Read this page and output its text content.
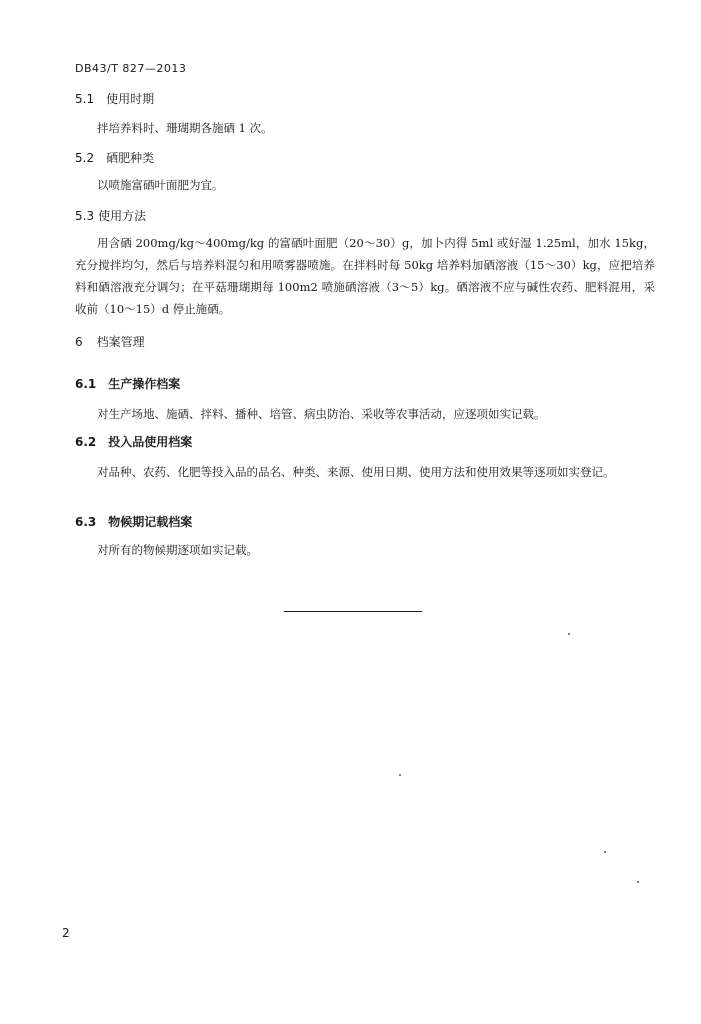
DB43/T 827—2013
5.1 使用时期
拌培养料时、珊瑚期各施硒 1 次。
5.2 硒肥种类
以喷施富硒叶面肥为宜。
5.3 使用方法
用含硒 200mg/kg～400mg/kg 的富硒叶面肥（20～30）g，加卜内得 5ml 或好湿 1.25ml，加水 15kg，充分搅拌均匀，然后与培养料混匀和用喷雾器喷施。在拌料时每 50kg 培养料加硒溶液（15～30）kg，应把培养料和硒溶液充分调匀；在平菇珊瑚期每 100m2 喷施硒溶液（3～5）kg。硒溶液不应与碱性农药、肥料混用，采收前（10～15）d 停止施硒。
6 档案管理
6.1 生产操作档案
对生产场地、施硒、拌料、播种、培管、病虫防治、采收等农事活动，应逐项如实记载。
6.2 投入品使用档案
对品种、农药、化肥等投入品的品名、种类、来源、使用日期、使用方法和使用效果等逐项如实登记。
6.3 物候期记载档案
对所有的物候期逐项如实记载。
2
